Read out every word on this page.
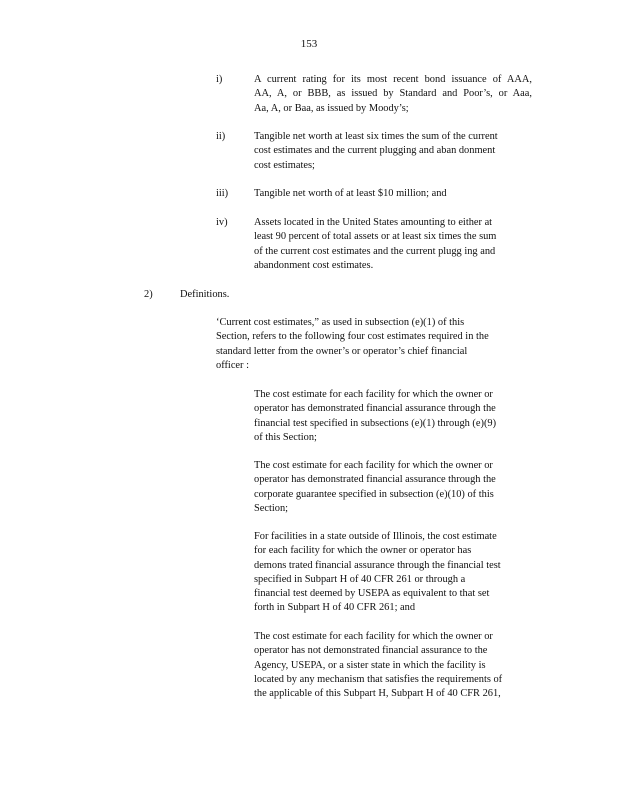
153
i)	A current rating for its most recent bond issuance of AAA,
AA, A, or BBB, as issued by Standard and Poor’s, or Aaa,
Aa, A, or Baa, as issued by Moody’s;
ii)	Tangible net worth at least six times the sum of the current
cost estimates and the current plugging and aban donment
cost estimates;
iii) Tangible net worth of at least $10 million; and
iv)	Assets located in the United States amounting to either at
least 90 percent of total assets or at least six times the sum
of the current cost estimates and the current plugg ing and
abandonment cost estimates.
2)	Definitions.
‘Current cost estimates,” as used in subsection (e)(1) of this
Section, refers to the following four cost estimates required in the
standard letter from the owner’s or operator’s chief financial
officer :
The cost estimate for each facility for which the owner or
operator has demonstrated financial assurance through the
financial test specified in subsections (e)(1) through (e)(9)
of this Section;
The cost estimate for each facility for which the owner or
operator has demonstrated financial assurance through the
corporate guarantee specified in subsection (e)(10) of this
Section;
For facilities in a state outside of Illinois, the cost estimate
for each facility for which the owner or operator has
demons trated financial assurance through the financial test
specified in Subpart H of 40 CFR 261 or through a
financial test deemed by USEPA as equivalent to that set
forth in Subpart H of 40 CFR 261; and
The cost estimate for each facility for which the owner or
operator has not demonstrated financial assurance to the
Agency, USEPA, or a sister state in which the facility is
located by any mechanism that satisfies the requirements of
the applicable of this Subpart H, Subpart H of 40 CFR 261,
